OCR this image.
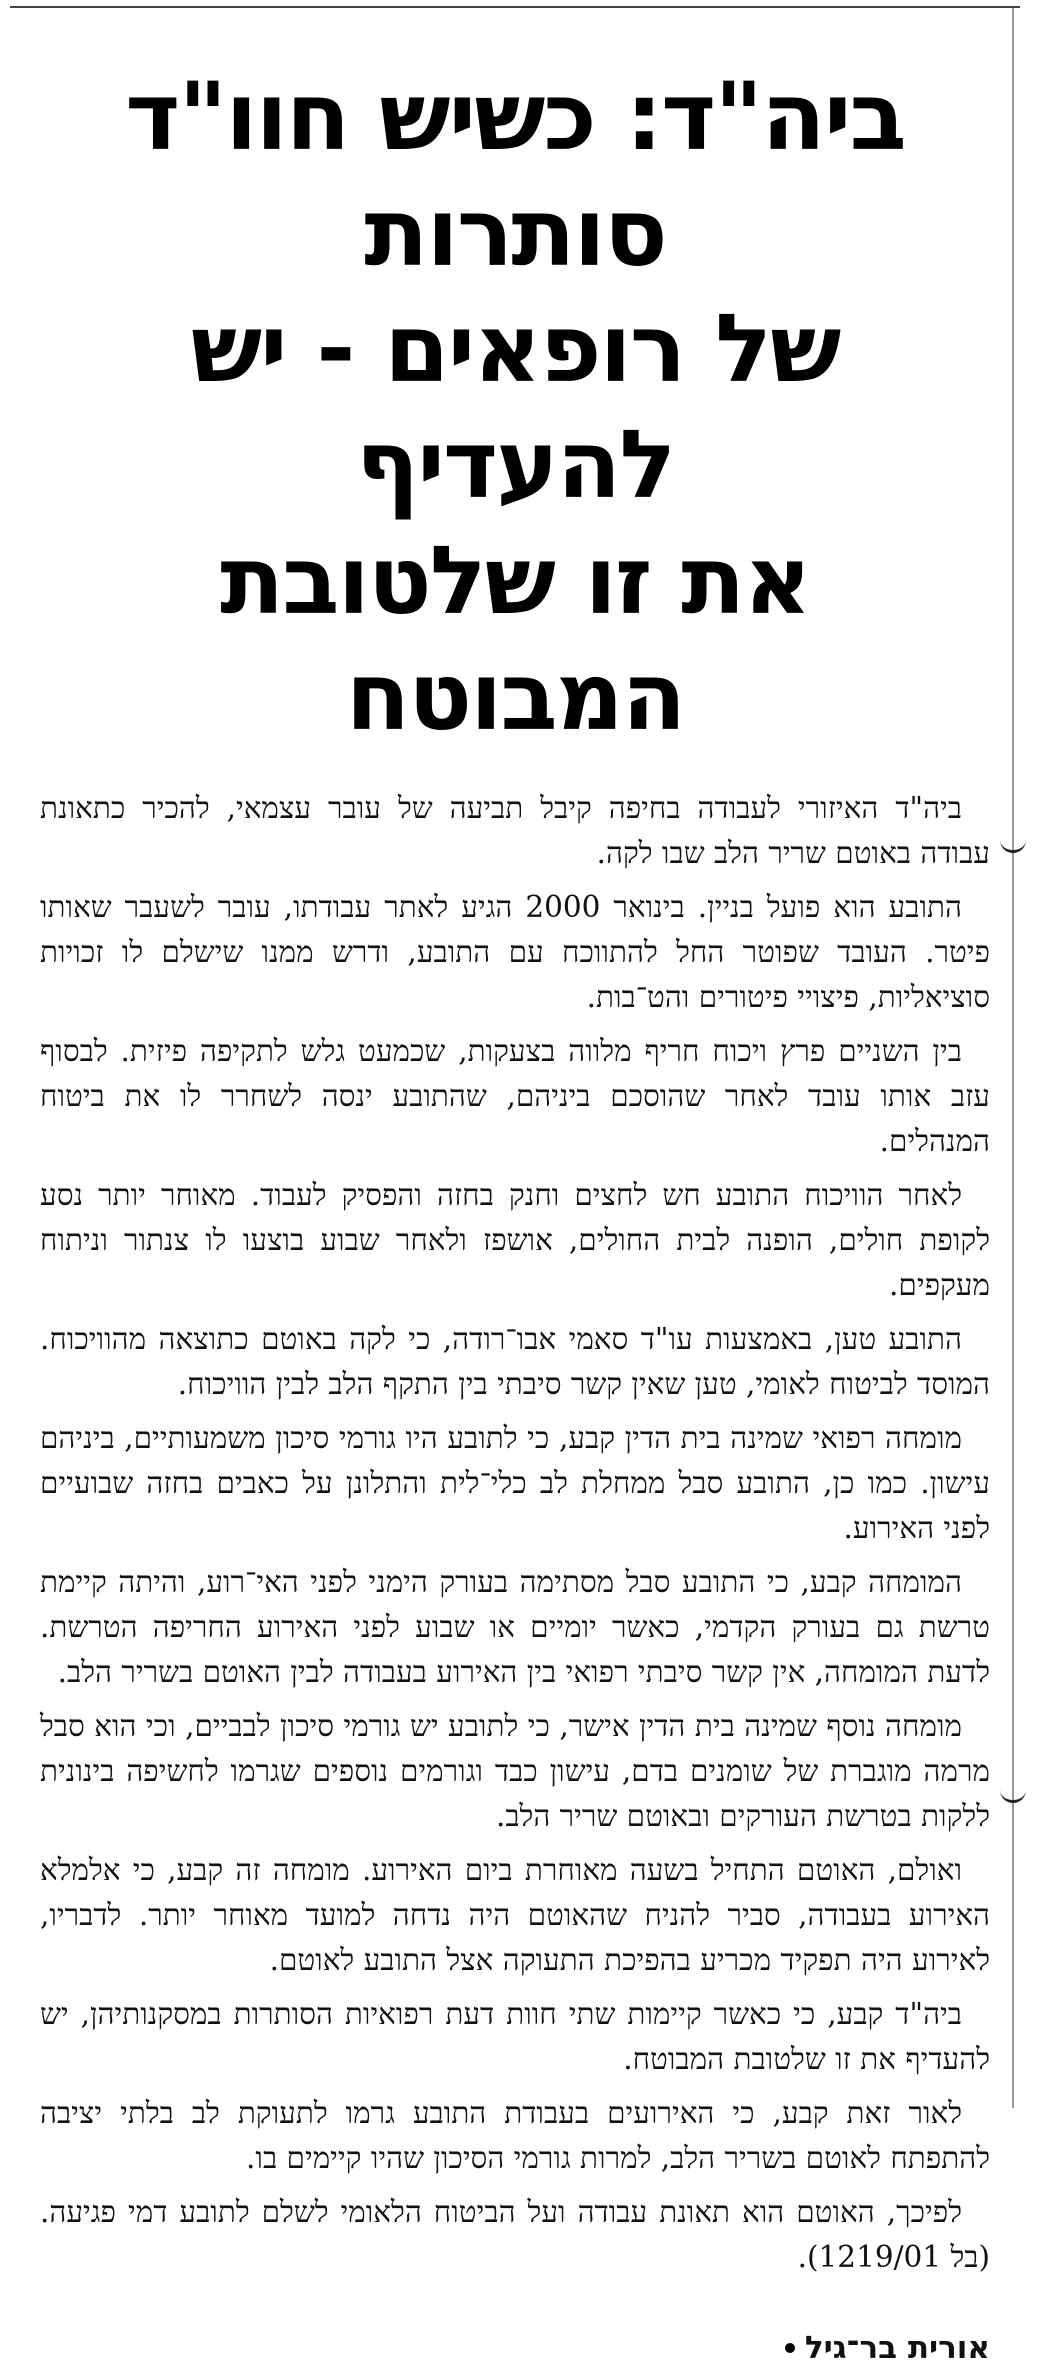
ביה"ד: כשיש חוו"ד סותרות
של רופאים - יש להעדיף
את זו שלטובת המבוטח

ביה"ד האיזורי לעבודה בחיפה קיבל תביעה של עובר עצמאי, להכיר כתאונת עבודה באוטם שריר הלב שבו לקה.

התובע הוא פועל בניין. בינואר 2000 הגיע לאתר עבודתו, עובר לשעבר שאותו פיטר. העובד שפוטר החל להתווכח עם התובע, ודרש ממנו שישלם לו זכויות סוציאליות, פיצויי פיטורים והט־בות.

בין השניים פרץ ויכוח חריף מלווה בצעקות, שכמעט גלש לתקיפה פיזית. לבסוף עזב אותו עובד לאחר שהוסכם ביניהם, שהתובע ינסה לשחרר לו את ביטוח המנהלים.

לאחר הוויכוח התובע חש לחצים וחנק בחזה והפסיק לעבוד. מאוחר יותר נסע לקופת חולים, הופנה לבית החולים, אושפז ולאחר שבוע בוצעו לו צנתור וניתוח מעקפים.

התובע טען, באמצעות עו"ד סאמי אבו־רודה, כי לקה באוטם כתוצאה מהוויכוח. המוסד לביטוח לאומי, טען שאין קשר סיבתי בין התקף הלב לבין הוויכוח.

מומחה רפואי שמינה בית הדין קבע, כי לתובע היו גורמי סיכון משמעותיים, ביניהם עישון. כמו כן, התובע סבל ממחלת לב כלי־לית והתלונן על כאבים בחזה שבועיים לפני האירוע.

המומחה קבע, כי התובע סבל מסתימה בעורק הימני לפני האי־רוע, והיתה קיימת טרשת גם בעורק הקדמי, כאשר יומיים או שבוע לפני האירוע החריפה הטרשת. לדעת המומחה, אין קשר סיבתי רפואי בין האירוע בעבודה לבין האוטם בשריר הלב.

מומחה נוסף שמינה בית הדין אישר, כי לתובע יש גורמי סיכון לבביים, וכי הוא סבל מרמה מוגברת של שומנים בדם, עישון כבד וגורמים נוספים שגרמו לחשיפה בינונית ללקות בטרשת העורקים ובאוטם שריר הלב.

ואולם, האוטם התחיל בשעה מאוחרת ביום האירוע. מומחה זה קבע, כי אלמלא האירוע בעבודה, סביר להניח שהאוטם היה נדחה למועד מאוחר יותר. לדבריו, לאירוע היה תפקיד מכריע בהפיכת התעוקה אצל התובע לאוטם.

ביה"ד קבע, כי כאשר קיימות שתי חוות דעת רפואיות הסותרות במסקנותיהן, יש להעדיף את זו שלטובת המבוטח.

לאור זאת קבע, כי האירועים בעבודת התובע גרמו לתעוקת לב בלתי יציבה להתפתח לאוטם בשריר הלב, למרות גורמי הסיכון שהיו קיימים בו.

לפיכך, האוטם הוא תאונת עבודה ועל הביטוח הלאומי לשלם לתובע דמי פגיעה. (בל 1219/01).

אורית בר־גיל
